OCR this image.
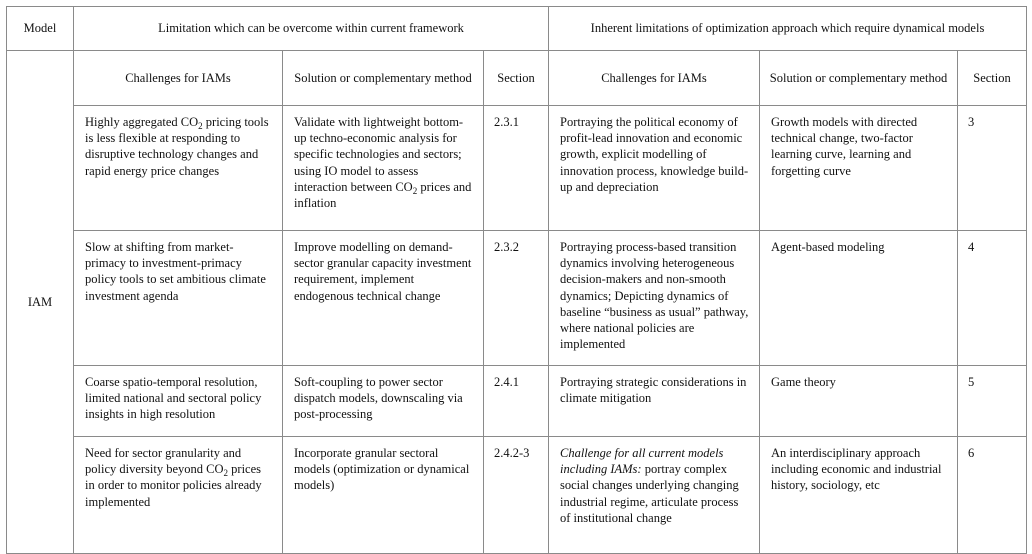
Model	Limitation which can be overcome within current framework			Inherent limitations of optimization approach which require dynamical models		
IAM	Challenges for IAMs	Solution or complementary method	Section	Challenges for IAMs	Solution or complementary method	Section
	Highly aggregated $CO_2$ pricing tools is less flexible at responding to disruptive technology changes and rapid energy price changes	Validate with lightweight bottom-up techno-economic analysis for specific technologies and sectors; using IO model to assess interaction between $CO_2$ prices and inflation	2.3.1	Portraying the political economy of profit-lead innovation and economic growth, explicit modelling of innovation process, knowledge build-up and depreciation	Growth models with directed technical change, two-factor learning curve, learning and forgetting curve	3
	Slow at shifting from market-primacy to investment-primacy policy tools to set ambitious climate investment agenda	Improve modelling on demand-sector granular capacity investment requirement, implement endogenous technical change	2.3.2	Portraying process-based transition dynamics involving heterogeneous decision-makers and non-smooth dynamics; Depicting dynamics of baseline “business as usual” pathway, where national policies are implemented	Agent-based modeling	4
	Coarse spatio-temporal resolution, limited national and sectoral policy insights in high resolution	Soft-coupling to power sector dispatch models, downscaling via post-processing	2.4.1	Portraying strategic considerations in climate mitigation	Game theory	5
	Need for sector granularity and policy diversity beyond $CO_2$ prices in order to monitor policies already implemented	Incorporate granular sectoral models (optimization or dynamical models)	2.4.2-3	Challenge for all current models including IAMs: portray complex social changes underlying changing industrial regime, articulate process of institutional change	An interdisciplinary approach including economic and industrial history, sociology, etc	6
